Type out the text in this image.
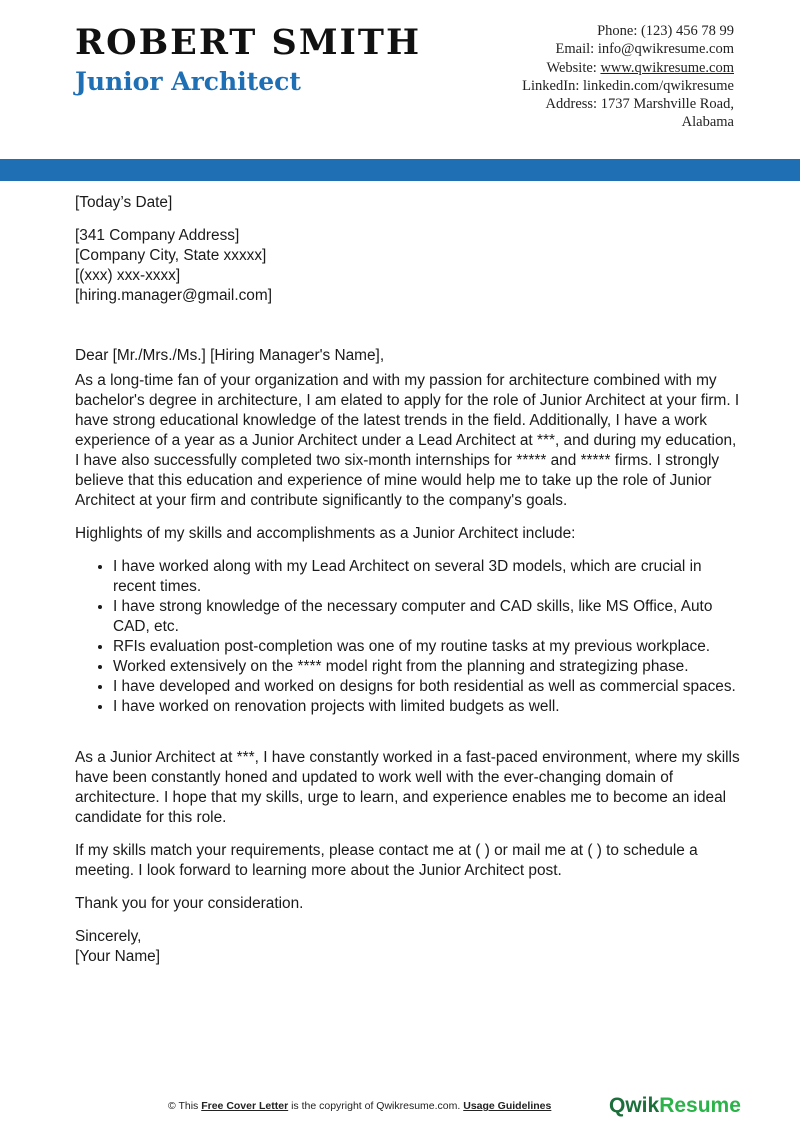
ROBERT SMITH
Junior Architect
Phone: (123) 456 78 99
Email: info@qwikresume.com
Website: www.qwikresume.com
LinkedIn: linkedin.com/qwikresume
Address: 1737 Marshville Road,
Alabama

[Today’s Date]

[341 Company Address]

[Company City, State xxxxx]

[(xxx) xxx-xxxx]

[hiring.manager@gmail.com]

Dear [Mr./Mrs./Ms.] [Hiring Manager's Name],

As a long-time fan of your organization and with my passion for architecture combined with my bachelor's degree in architecture, I am elated to apply for the role of Junior Architect at your firm. I have strong educational knowledge of the latest trends in the field. Additionally, I have a work experience of a year as a Junior Architect under a Lead Architect at ***, and during my education, I have also successfully completed two six-month internships for ***** and ***** firms. I strongly believe that this education and experience of mine would help me to take up the role of Junior Architect at your firm and contribute significantly to the company's goals.

Highlights of my skills and accomplishments as a Junior Architect include:

• I have worked along with my Lead Architect on several 3D models, which are crucial in recent times.
• I have strong knowledge of the necessary computer and CAD skills, like MS Office, Auto CAD, etc.
• RFIs evaluation post-completion was one of my routine tasks at my previous workplace.
• Worked extensively on the **** model right from the planning and strategizing phase.
• I have developed and worked on designs for both residential as well as commercial spaces.
• I have worked on renovation projects with limited budgets as well.

As a Junior Architect at ***, I have constantly worked in a fast-paced environment, where my skills have been constantly honed and updated to work well with the ever-changing domain of architecture. I hope that my skills, urge to learn, and experience enables me to become an ideal candidate for this role.

If my skills match your requirements, please contact me at ( ) or mail me at ( ) to schedule a meeting. I look forward to learning more about the Junior Architect post.

Thank you for your consideration.

Sincerely,

[Your Name]

© This Free Cover Letter is the copyright of Qwikresume.com. Usage Guidelines	QwikResume
